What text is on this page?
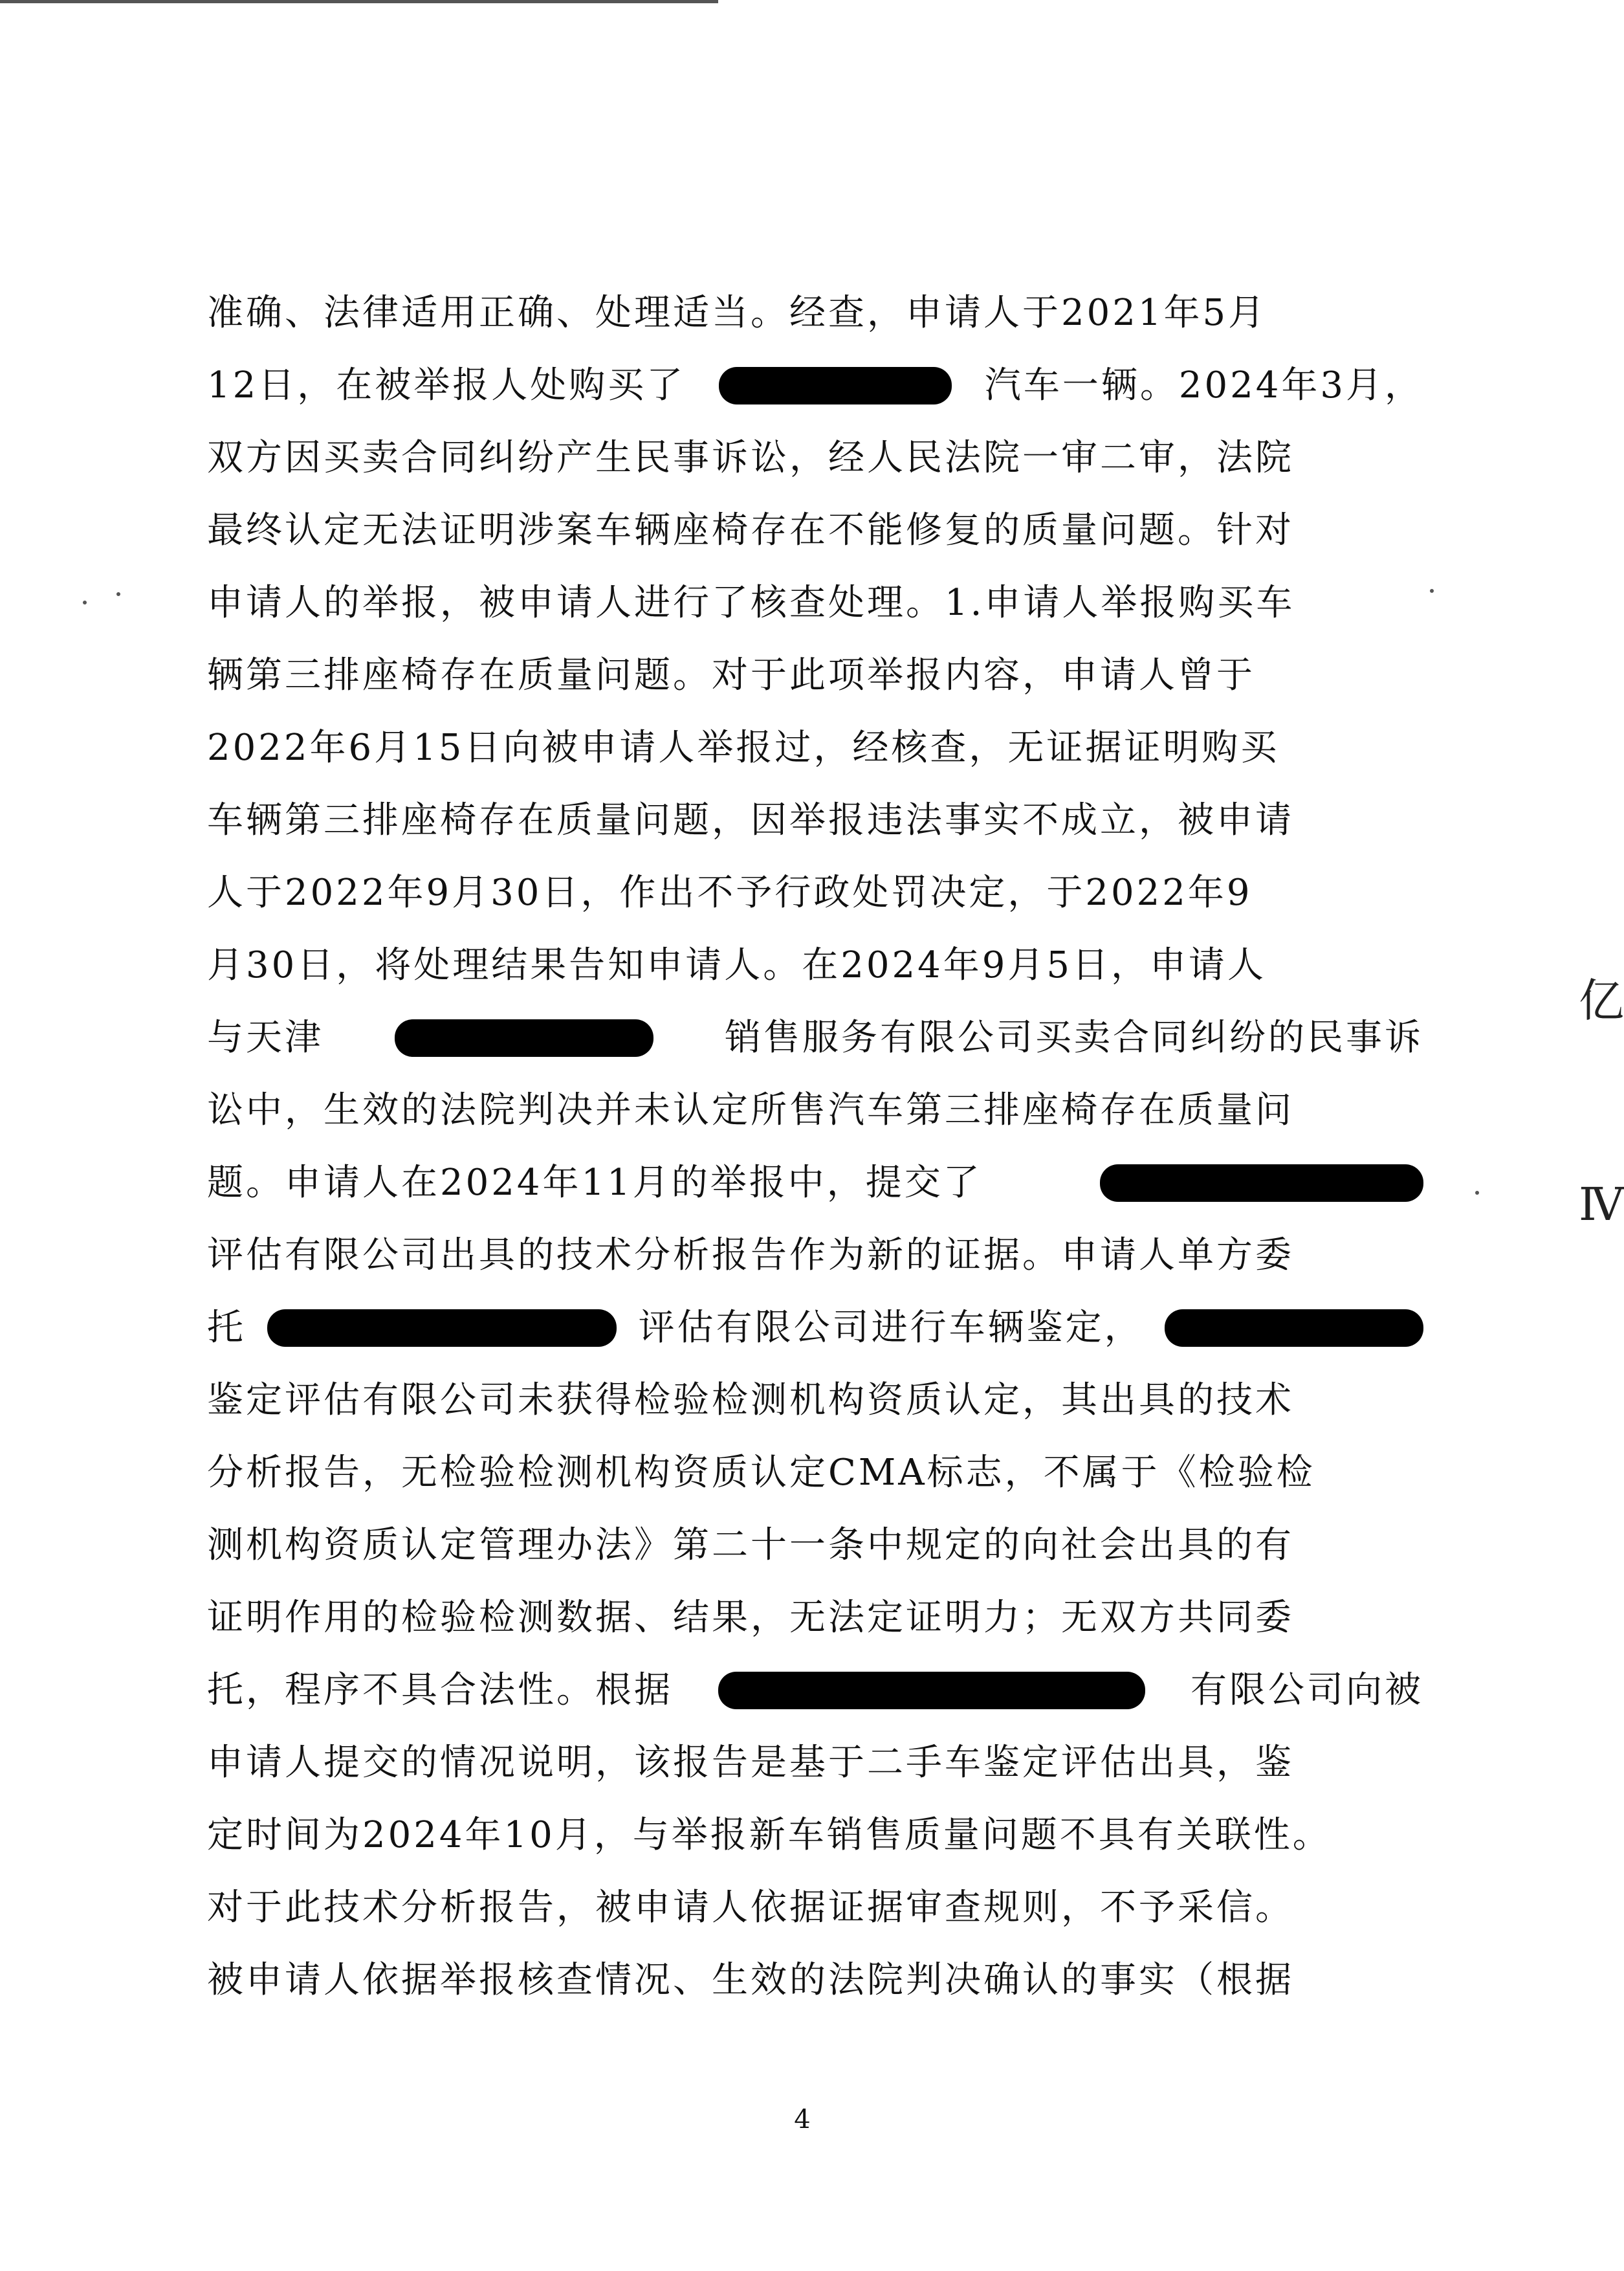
准确、法律适用正确、处理适当。经查，申请人于2021年5月
12日，在被举报人处购买了	汽车一辆。2024年3月，
双方因买卖合同纠纷产生民事诉讼，经人民法院一审二审，法院
最终认定无法证明涉案车辆座椅存在不能修复的质量问题。针对
申请人的举报，被申请人进行了核查处理。1.申请人举报购买车
辆第三排座椅存在质量问题。对于此项举报内容，申请人曾于
2022年6月15日向被申请人举报过，经核查，无证据证明购买
车辆第三排座椅存在质量问题，因举报违法事实不成立，被申请
人于2022年9月30日，作出不予行政处罚决定，于2022年9
月30日，将处理结果告知申请人。在2024年9月5日，申请人
与天津	销售服务有限公司买卖合同纠纷的民事诉
讼中，生效的法院判决并未认定所售汽车第三排座椅存在质量问
题。申请人在2024年11月的举报中，提交了
评估有限公司出具的技术分析报告作为新的证据。申请人单方委
托	评估有限公司进行车辆鉴定，
鉴定评估有限公司未获得检验检测机构资质认定，其出具的技术
分析报告，无检验检测机构资质认定CMA标志，不属于《检验检
测机构资质认定管理办法》第二十一条中规定的向社会出具的有
证明作用的检验检测数据、结果，无法定证明力；无双方共同委
托，程序不具合法性。根据	有限公司向被
申请人提交的情况说明，该报告是基于二手车鉴定评估出具，鉴
定时间为2024年10月，与举报新车销售质量问题不具有关联性。
对于此技术分析报告，被申请人依据证据审查规则，不予采信。
被申请人依据举报核查情况、生效的法院判决确认的事实（根据
4
亿
Ⅳ
